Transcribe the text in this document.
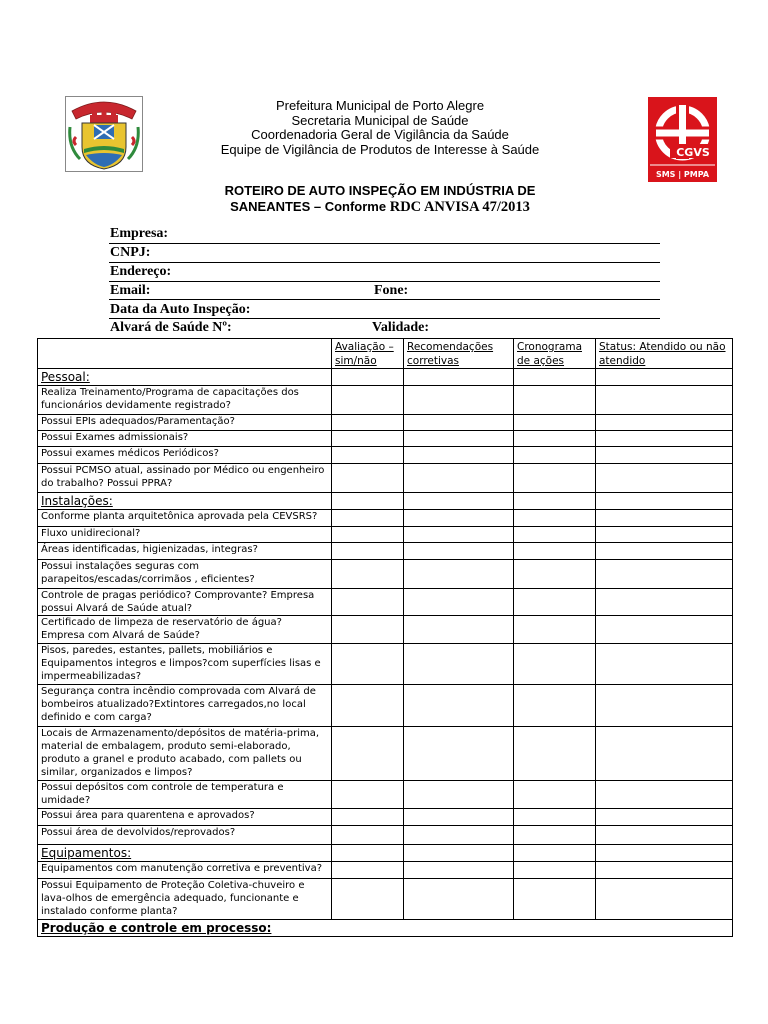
Prefeitura Municipal de Porto Alegre
Secretaria Municipal de Saúde
Coordenadoria Geral de Vigilância da Saúde
Equipe de Vigilância de Produtos de Interesse à Saúde	CGVS
SMS | PMPA
ROTEIRO DE AUTO INSPEÇÃO EM INDÚSTRIA DE
SANEANTES – Conforme RDC ANVISA 47/2013
Empresa:
CNPJ:
Endereço:
Email:	Fone:
Data da Auto Inspeção:
Alvará de Saúde Nº:	Validade:
	Avaliação – sim/não	Recomendações corretivas	Cronograma de ações	Status: Atendido ou não atendido
Pessoal:				
Realiza Treinamento/Programa de capacitações dos funcionários devidamente registrado?				
Possui EPIs adequados/Paramentação?				
Possui Exames admissionais?				
Possui exames médicos Periódicos?				
Possui PCMSO atual, assinado por Médico ou engenheiro do trabalho? Possui PPRA?				
Instalações:				
Conforme planta arquitetônica aprovada pela CEVSRS?				
Fluxo unidirecional?				
Áreas identificadas, higienizadas, integras?				
Possui instalações seguras com parapeitos/escadas/corrimãos , eficientes?				
Controle de pragas periódico? Comprovante? Empresa possui Alvará de Saúde atual?				
Certificado de limpeza de reservatório de água? Empresa com Alvará de Saúde?				
Pisos, paredes, estantes, pallets, mobiliários e Equipamentos integros e limpos?com superfícies lisas e impermeabilizadas?				
Segurança contra incêndio comprovada com Alvará de bombeiros atualizado?Extintores carregados,no local definido e com carga?				
Locais de Armazenamento/depósitos de matéria-prima, material de embalagem, produto semi-elaborado, produto a granel e produto acabado, com pallets ou similar, organizados e limpos?				
Possui depósitos com controle de temperatura e umidade?				
Possui área para quarentena e aprovados?				
Possui área de devolvidos/reprovados?				
Equipamentos:				
Equipamentos com manutenção corretiva e preventiva?				
Possui Equipamento de Proteção Coletiva-chuveiro e lava-olhos de emergência adequado, funcionante e instalado conforme planta?				
Produção e controle em processo:				
